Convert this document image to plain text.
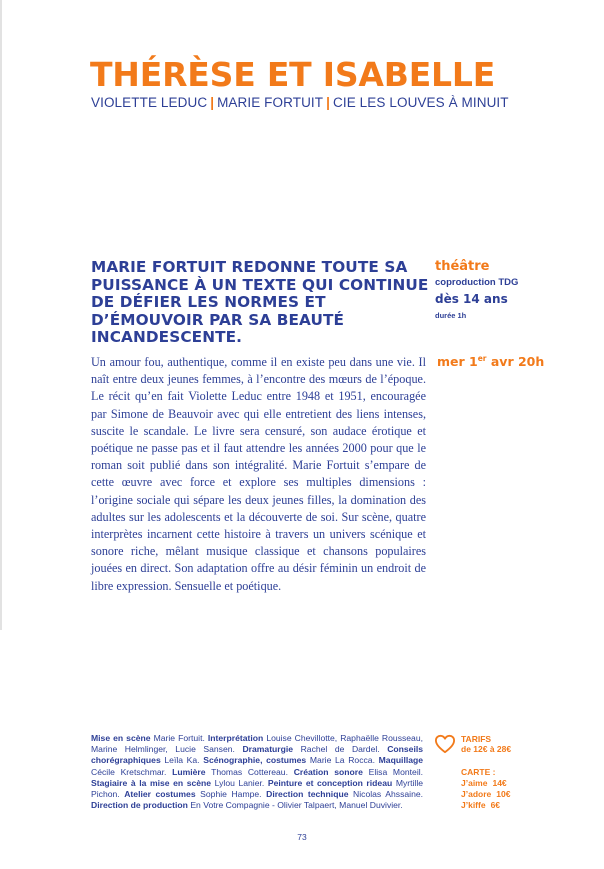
THÉRÈSE ET ISABELLE
VIOLETTE LEDUC | MARIE FORTUIT | CIE LES LOUVES À MINUIT
MARIE FORTUIT REDONNE TOUTE SA PUISSANCE À UN TEXTE QUI CONTINUE DE DÉFIER LES NORMES ET D’ÉMOUVOIR PAR SA BEAUTÉ INCANDESCENTE.
théâtre
coproduction TDG
dès 14 ans
durée 1h
mer 1er avr 20h

Un amour fou, authentique, comme il en existe peu dans une vie. Il naît entre deux jeunes femmes, à l’encontre des mœurs de l’époque. Le récit qu’en fait Violette Leduc entre 1948 et 1951, encouragée par Simone de Beauvoir avec qui elle entretient des liens intenses, suscite le scandale. Le livre sera censuré, son audace érotique et poétique ne passe pas et il faut attendre les années 2000 pour que le roman soit publié dans son intégralité. Marie Fortuit s’empare de cette œuvre avec force et explore ses multiples dimensions : l’origine sociale qui sépare les deux jeunes filles, la domination des adultes sur les adolescents et la découverte de soi. Sur scène, quatre interprètes incarnent cette histoire à travers un univers scénique et sonore riche, mêlant musique classique et chansons populaires jouées en direct. Son adaptation offre au désir féminin un endroit de libre expression. Sensuelle et poétique.

Mise en scène Marie Fortuit. Interprétation Louise Chevillotte, Raphaëlle Rousseau, Marine Helmlinger, Lucie Sansen. Dramaturgie Rachel de Dardel. Conseils chorégraphiques Leïla Ka. Scénographie, costumes Marie La Rocca. Maquillage Cécile Kretschmar. Lumière Thomas Cottereau. Création sonore Elisa Monteil. Stagiaire à la mise en scène Lylou Lanier. Peinture et conception rideau Myrtille Pichon. Atelier costumes Sophie Hampe. Direction technique Nicolas Ahssaine. Direction de production En Votre Compagnie - Olivier Talpaert, Manuel Duvivier.

TARIFS
de 12€ à 28€
CARTE :
J’aime 14€
J’adore 10€
J’kiffe 6€
73
